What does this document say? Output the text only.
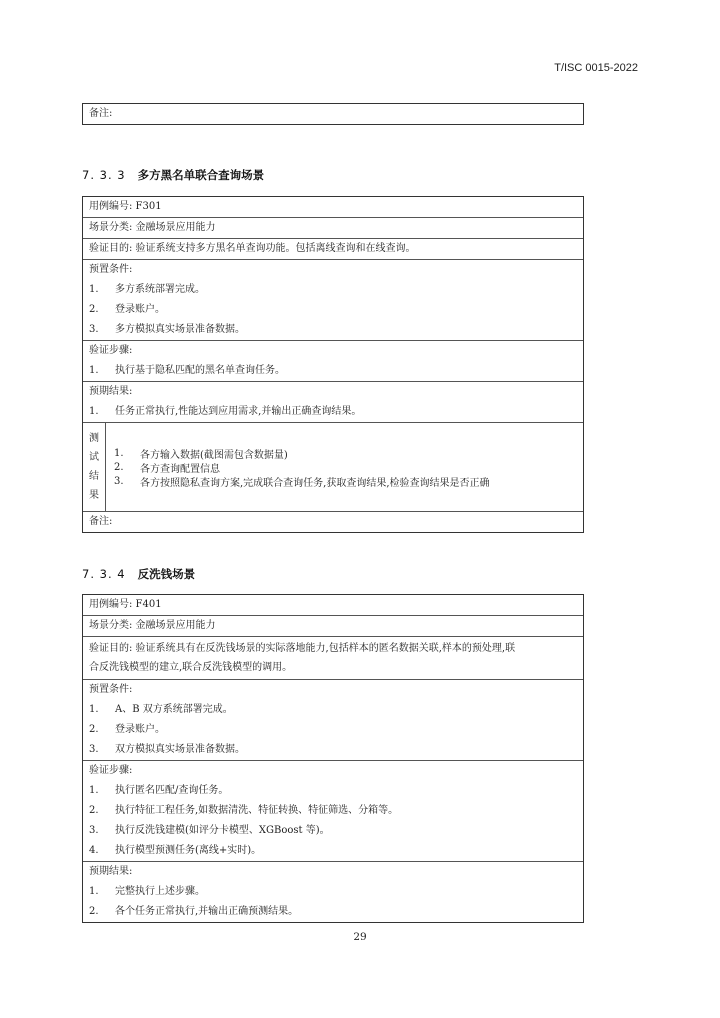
T/ISC 0015-2022
备注:
7. 3. 3 多方黑名单联合查询场景
用例编号: F301
场景分类: 金融场景应用能力
验证目的: 验证系统支持多方黑名单查询功能。包括离线查询和在线查询。
预置条件:
1.	多方系统部署完成。
2.	登录账户。
3.	多方模拟真实场景准备数据。
验证步骤:
1.	执行基于隐私匹配的黑名单查询任务。
预期结果:
1.	任务正常执行,性能达到应用需求,并输出正确查询结果。
测
试
结
果
1.	各方输入数据(截图需包含数据量)
2.	各方查询配置信息
3.	各方按照隐私查询方案,完成联合查询任务,获取查询结果,检验查询结果是否正确
备注:
7. 3. 4 反洗钱场景
用例编号: F401
场景分类: 金融场景应用能力
验证目的: 验证系统具有在反洗钱场景的实际落地能力,包括样本的匿名数据关联,样本的预处理,联
合反洗钱模型的建立,联合反洗钱模型的调用。
预置条件:
1.	A、B 双方系统部署完成。
2.	登录账户。
3.	双方模拟真实场景准备数据。
验证步骤:
1.	执行匿名匹配/查询任务。
2.	执行特征工程任务,如数据清洗、特征转换、特征筛选、分箱等。
3.	执行反洗钱建模(如评分卡模型、XGBoost 等)。
4.	执行模型预测任务(离线+实时)。
预期结果:
1.	完整执行上述步骤。
2.	各个任务正常执行,并输出正确预测结果。
29
